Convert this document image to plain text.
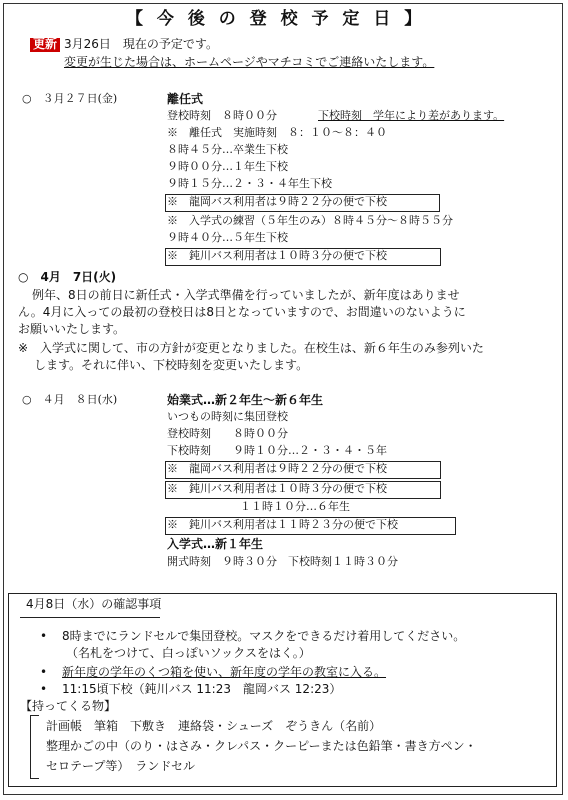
【 今 後 の 登 校 予 定 日 】
更新 3月26日　現在の予定です。
変更が生じた場合は、ホームページやマチコミでご連絡いたします。
○　３月２７日(金)	離任式
登校時刻　８時００分	下校時刻　学年により差があります。
※　離任式　実施時刻　８：１０～８：４０
８時４５分…卒業生下校
９時００分…１年生下校
９時１５分…２・３・４年生下校
※　龍岡バス利用者は９時２２分の便で下校
※　入学式の練習（５年生のみ）８時４５分～８時５５分
９時４０分…５年生下校
※　鈍川バス利用者は１０時３分の便で下校
○　4月　7日(火)
例年、8日の前日に新任式・入学式準備を行っていましたが、新年度はありませ
ん。4月に入っての最初の登校日は8日となっていますので、お間違いのないように
お願いいたします。
※　入学式に関して、市の方針が変更となりました。在校生は、新６年生のみ参列いた
します。それに伴い、下校時刻を変更いたします。
○　４月　８日(水)	始業式…新２年生～新６年生
いつもの時刻に集団登校
登校時刻　　８時００分
下校時刻　　９時１０分…２・３・４・５年
※　龍岡バス利用者は９時２２分の便で下校
※　鈍川バス利用者は１０時３分の便で下校
１１時１０分…６年生
※　鈍川バス利用者は１１時２３分の便で下校
入学式…新１年生
開式時刻　９時３０分　下校時刻１１時３０分
4月8日（水）の確認事項
• 8時までにランドセルで集団登校。マスクをできるだけ着用してください。
（名札をつけて、白っぽいソックスをはく。）
• 新年度の学年のくつ箱を使い、新年度の学年の教室に入る。
• 11:15頃下校（鈍川バス 11:23　龍岡バス 12:23）
【持ってくる物】
計画帳　筆箱　下敷き　連絡袋・シューズ　ぞうきん（名前）
整理かごの中（のり・はさみ・クレパス・クーピーまたは色鉛筆・書き方ペン・
セロテープ等）　ランドセル
